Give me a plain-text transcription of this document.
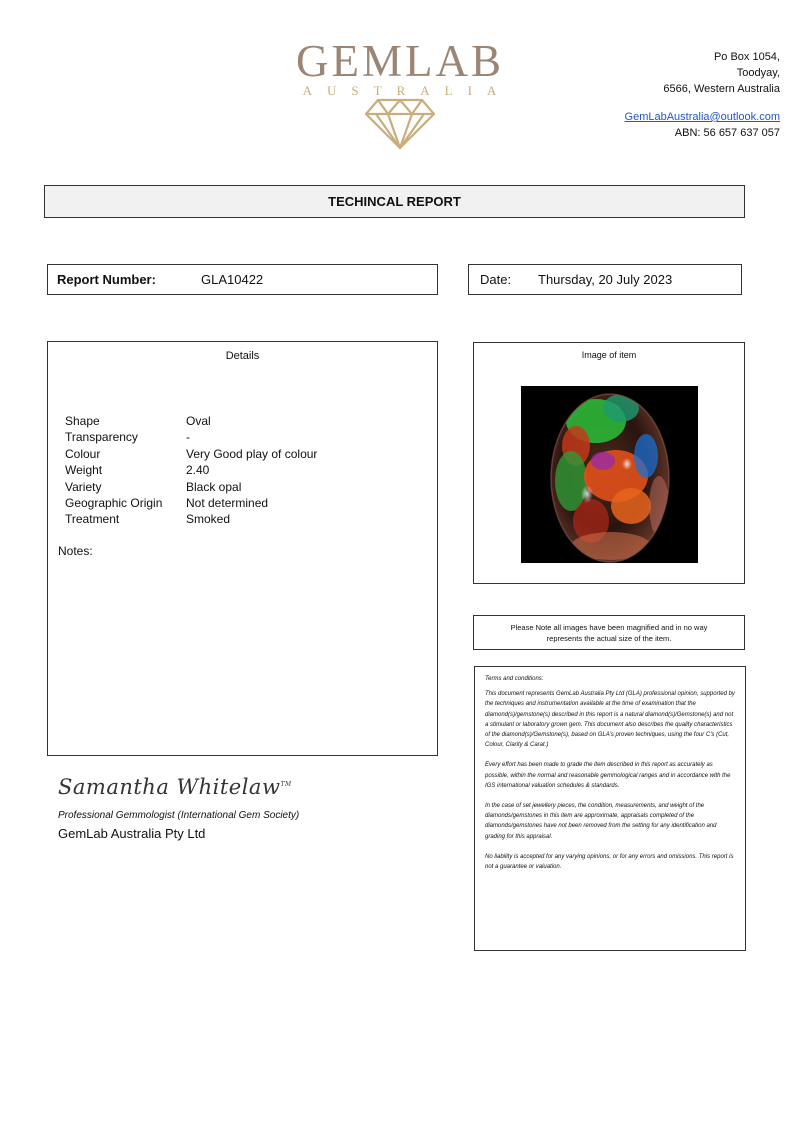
GEMLAB
AUSTRALIA
Po Box 1054,
Toodyay,
6566, Western Australia
GemLabAustralia@outlook.com
ABN: 56 657 637 057
TECHINCAL REPORT
Report Number:	GLA10422	Date:	Thursday, 20 July 2023
Details
Shape	Oval
Transparency	-
Colour	Very Good play of colour
Weight	2.40
Variety	Black opal
Geographic Origin	Not determined
Treatment	Smoked
Notes:
Image of item
Please Note all images have been magnified and in no way represents the actual size of the item.
Terms and conditions:

This document represents GemLab Australia Pty Ltd (GLA) professional opinion, supported by the techniques and instrumentation available at the time of examination that the diamond(s)/gemstone(s) described in this report is a natural diamond(s)/Gemstone(s) and not a stimulant or laboratory grown gem. This document also describes the quality characteristics of the diamond(s)/Gemstone(s), based on GLA's proven techniques, using the four C's (Cut, Colour, Clarity & Carat.)

Every effort has been made to grade the item described in this report as accurately as possible, within the normal and reasonable gemmological ranges and in accordance with the IGS international valuation schedules & standards.

In the case of set jewellery pieces, the condition, measurements, and weight of the diamonds/gemstones in this item are approximate, appraisals completed of the diamonds/gemstones have not been removed from the setting for any identification and grading for this appraisal.

No liability is accepted for any varying opinions, or for any errors and omissions. This report is not a guarantee or valuation.

Samantha Whitelaw™
Professional Gemmologist (International Gem Society)
GemLab Australia Pty Ltd
